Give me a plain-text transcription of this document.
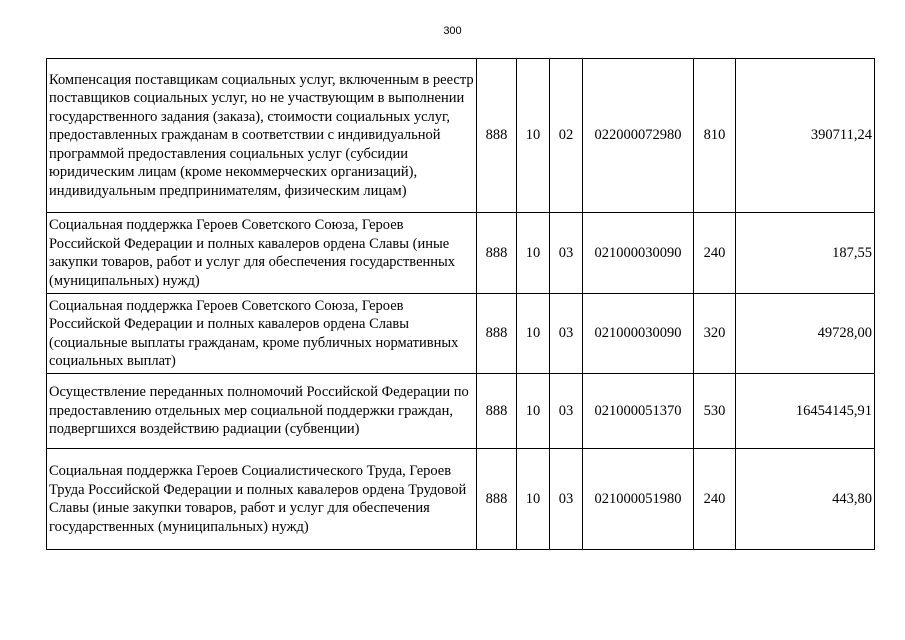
300
Компенсация поставщикам социальных услуг, включенным в реестр поставщиков социальных услуг, но не участвующим в выполнении государственного задания (заказа), стоимости социальных услуг, предоставленных гражданам в соответствии с индивидуальной программой предоставления социальных услуг (субсидии юридическим лицам (кроме некоммерческих организаций), индивидуальным предпринимателям, физическим лицам)	888	10	02	022000072980	810	390711,24
Социальная поддержка Героев Советского Союза, Героев Российской Федерации и полных кавалеров ордена Славы (иные закупки товаров, работ и услуг для обеспечения государственных (муниципальных) нужд)	888	10	03	021000030090	240	187,55
Социальная поддержка Героев Советского Союза, Героев Российской Федерации и полных кавалеров ордена Славы (социальные выплаты гражданам, кроме публичных нормативных социальных выплат)	888	10	03	021000030090	320	49728,00
Осуществление переданных полномочий Российской Федерации по предоставлению отдельных мер социальной поддержки граждан, подвергшихся воздействию радиации (субвенции)	888	10	03	021000051370	530	16454145,91
Социальная поддержка Героев Социалистического Труда, Героев Труда Российской Федерации и полных кавалеров ордена Трудовой Славы (иные закупки товаров, работ и услуг для обеспечения государственных (муниципальных) нужд)	888	10	03	021000051980	240	443,80
